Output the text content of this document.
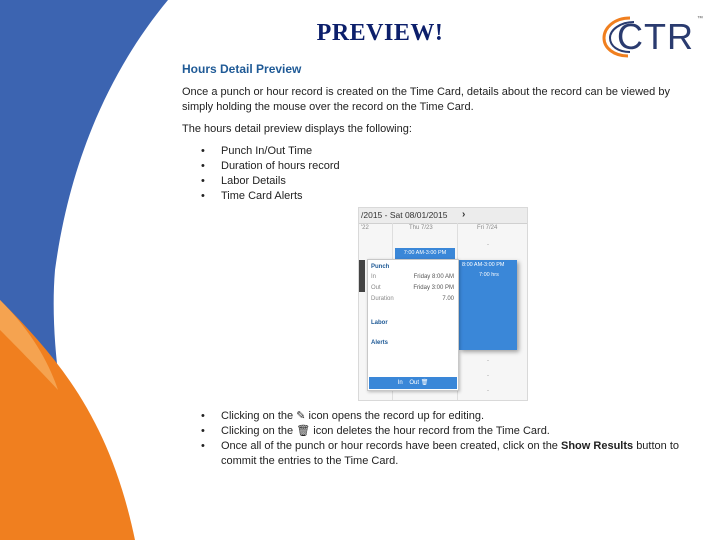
PREVIEW!	CTR ™
Hours Detail Preview
Once a punch or hour record is created on the Time Card, details about the record can be viewed by simply holding the mouse over the record on the Time Card.
The hours detail preview displays the following:
• Punch In/Out Time
• Duration of hours record
• Labor Details
• Time Card Alerts
/2015 - Sat 08/01/2015 ›
'22	Thu 7/23	Fri 7/24
-
7:00 AM-3:00 PM
8:00 AM-3:00 PM
7:00 hrs
Punch
In	Friday 8:00 AM
Out	Friday 3:00 PM
Duration	7.00
Labor
Alerts
In Out 🗑
-
-
-
• Clicking on the ✎ icon opens the record up for editing.
• Clicking on the 🗑 icon deletes the hour record from the Time Card.
• Once all of the punch or hour records have been created, click on the Show Results button to commit the entries to the Time Card.
